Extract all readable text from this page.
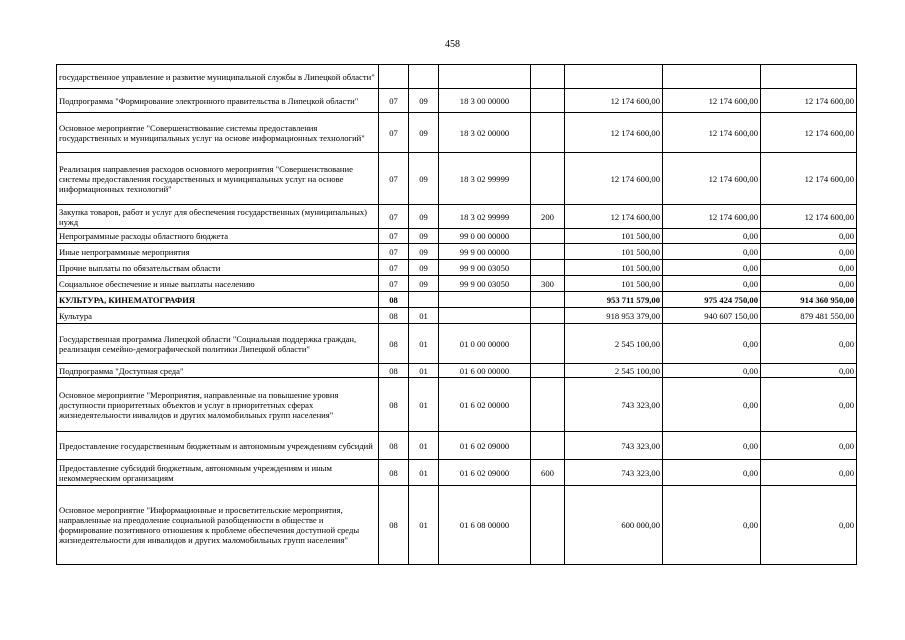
458
государственное управление и развитие муниципальной службы в Липецкой области"							
Подпрограмма "Формирование электронного правительства в Липецкой области"	07	09	18 3 00 00000		12 174 600,00	12 174 600,00	12 174 600,00
Основное мероприятие "Совершенствование системы предоставления государственных и муниципальных услуг на основе информационных технологий"	07	09	18 3 02 00000		12 174 600,00	12 174 600,00	12 174 600,00
Реализация направления расходов основного мероприятия "Совершенствование системы предоставления государственных и муниципальных услуг на основе информационных технологий"	07	09	18 3 02 99999		12 174 600,00	12 174 600,00	12 174 600,00
Закупка товаров, работ и услуг для обеспечения государственных (муниципальных) нужд	07	09	18 3 02 99999	200	12 174 600,00	12 174 600,00	12 174 600,00
Непрограммные расходы областного бюджета	07	09	99 0 00 00000		101 500,00	0,00	0,00
Иные непрограммные мероприятия	07	09	99 9 00 00000		101 500,00	0,00	0,00
Прочие выплаты по обязательствам области	07	09	99 9 00 03050		101 500,00	0,00	0,00
Социальное обеспечение и иные выплаты населению	07	09	99 9 00 03050	300	101 500,00	0,00	0,00
КУЛЬТУРА, КИНЕМАТОГРАФИЯ	08				953 711 579,00	975 424 750,00	914 360 950,00
Культура	08	01			918 953 379,00	940 607 150,00	879 481 550,00
Государственная программа Липецкой области "Социальная поддержка граждан, реализация семейно-демографической политики Липецкой области"	08	01	01 0 00 00000		2 545 100,00	0,00	0,00
Подпрограмма "Доступная среда"	08	01	01 6 00 00000		2 545 100,00	0,00	0,00
Основное мероприятие "Мероприятия, направленные на повышение уровня доступности приоритетных объектов и услуг в приоритетных сферах жизнедеятельности инвалидов и других маломобильных групп населения"	08	01	01 6 02 00000		743 323,00	0,00	0,00
Предоставление государственным бюджетным и автономным учреждениям субсидий	08	01	01 6 02 09000		743 323,00	0,00	0,00
Предоставление субсидий бюджетным, автономным учреждениям и иным некоммерческим организациям	08	01	01 6 02 09000	600	743 323,00	0,00	0,00
Основное мероприятие "Информационные и просветительские мероприятия, направленные на преодоление социальной разобщенности в обществе и формирование позитивного отношения к проблеме обеспечения доступной среды жизнедеятельности для инвалидов и других маломобильных групп населения"	08	01	01 6 08 00000		600 000,00	0,00	0,00
